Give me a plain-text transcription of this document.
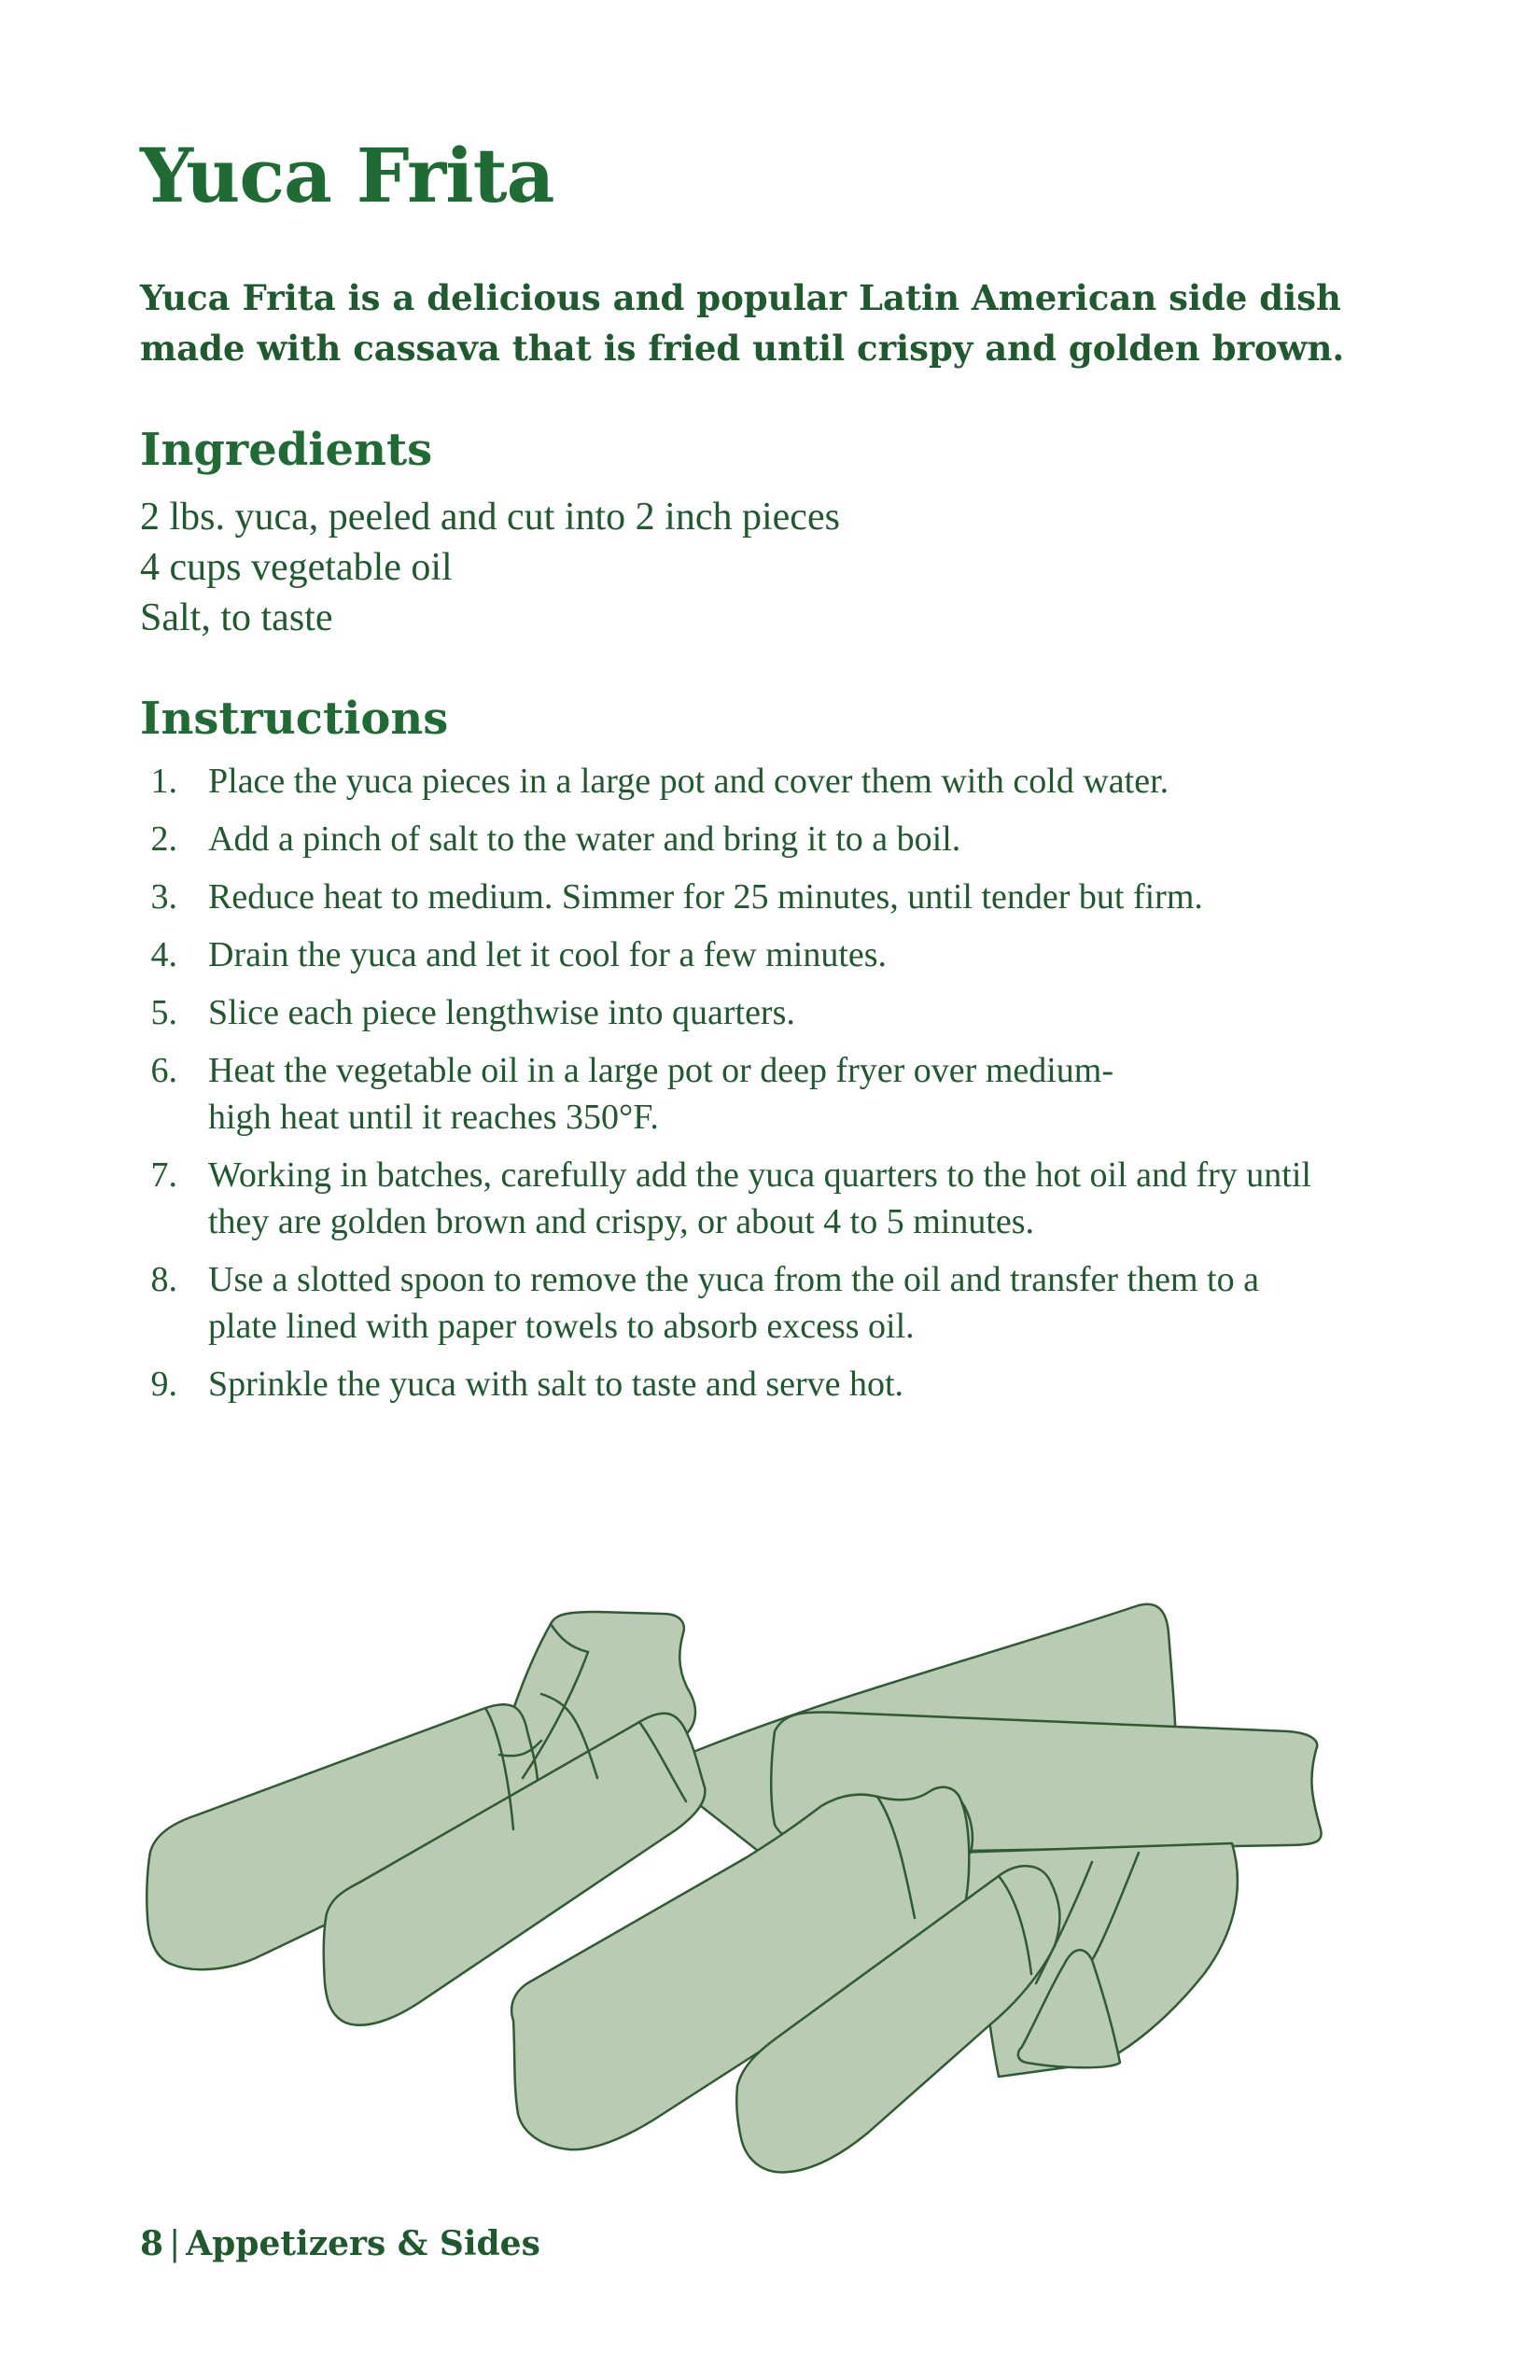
Yuca Frita

Yuca Frita is a delicious and popular Latin American side dish made with cassava that is fried until crispy and golden brown.

Ingredients
2 lbs. yuca, peeled and cut into 2 inch pieces
4 cups vegetable oil
Salt, to taste
Instructions
1. Place the yuca pieces in a large pot and cover them with cold water.
2. Add a pinch of salt to the water and bring it to a boil.
3. Reduce heat to medium. Simmer for 25 minutes, until tender but firm.
4. Drain the yuca and let it cool for a few minutes.
5. Slice each piece lengthwise into quarters.
6. Heat the vegetable oil in a large pot or deep fryer over medium-high heat until it reaches 350°F.
7. Working in batches, carefully add the yuca quarters to the hot oil and fry until they are golden brown and crispy, or about 4 to 5 minutes.
8. Use a slotted spoon to remove the yuca from the oil and transfer them to a plate lined with paper towels to absorb excess oil.
9. Sprinkle the yuca with salt to taste and serve hot.
8 | Appetizers & Sides
